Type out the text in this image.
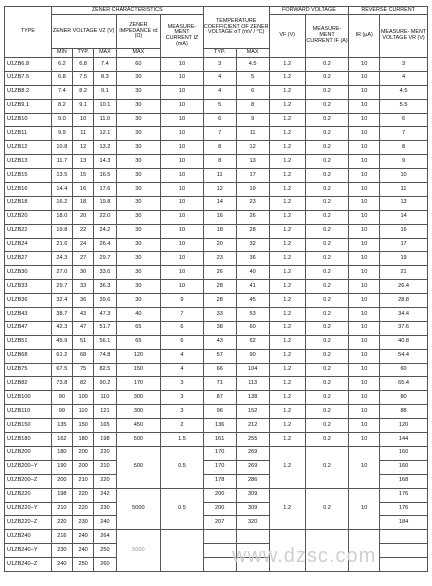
TYPE	ZENER CHARACTERISTICS					TEMPERATURE COEFFICIENT OF ZENER VOLTAGE σT (mV / °C)		FORWARD VOLTAGE		REVERSE CURRENT	
	ZENER VOLTAGE VZ (V)			ZENER IMPEDANCE rd (Ω)	MEASURE- MENT CURRENT IZ (mA)			VF (V)	MEASURE- MENT CURRENT IF (A)	IR (µA)	MEASURE- MENT VOLTAGE VR (V)
	MIN	TYP.	MAX	MAX		TYP.	MAX				
U1ZB6.8	6.2	6.8	7.4	60	10	3	4.5	1.2	0.2	10	3
U1ZB7.5	6.8	7.5	8.3	30	10	4	5	1.2	0.2	10	4
U1ZB8.2	7.4	8.2	9.1	30	10	4	6	1.2	0.2	10	4.5
U1ZB9.1	8.2	9.1	10.1	30	10	5	8	1.2	0.2	10	5.5
U1ZB10	9.0	10	11.0	30	10	6	9	1.2	0.2	10	6
U1ZB11	9.9	11	12.1	30	10	7	11	1.2	0.2	10	7
U1ZB12	10.8	12	13.2	30	10	8	12	1.2	0.2	10	8
U1ZB13	11.7	13	14.3	30	10	8	13	1.2	0.2	10	9
U1ZB15	13.5	15	16.5	30	10	11	17	1.2	0.2	10	10
U1ZB16	14.4	16	17.6	30	10	12	19	1.2	0.2	10	11
U1ZB18	16.2	18	19.8	30	10	14	23	1.2	0.2	10	13
U1ZB20	18.0	20	22.0	30	10	16	26	1.2	0.2	10	14
U1ZB22	19.8	22	24.2	30	10	18	28	1.2	0.2	10	16
U1ZB24	21.6	24	26.4	30	10	20	32	1.2	0.2	10	17
U1ZB27	24.3	27	29.7	30	10	23	36	1.2	0.2	10	19
U1ZB30	27.0	30	33.0	30	10	26	40	1.2	0.2	10	21
U1ZB33	29.7	33	36.3	30	10	28	41	1.2	0.2	10	26.4
U1ZB36	32.4	36	39.6	30	9	28	45	1.2	0.2	10	28.8
U1ZB43	38.7	43	47.3	40	7	33	53	1.2	0.2	10	34.4
U1ZB47	42.3	47	51.7	65	6	38	60	1.2	0.2	10	37.6
U1ZB51	45.9	51	56.1	65	6	43	62	1.2	0.2	10	40.8
U1ZB68	61.2	68	74.8	120	4	57	90	1.2	0.2	10	54.4
U1ZB75	67.5	75	82.5	150	4	66	104	1.2	0.2	10	60
U1ZB82	73.8	82	90.2	170	3	71	113	1.2	0.2	10	65.4
U1ZB100	90	100	110	300	3	87	138	1.2	0.2	10	80
U1ZB110	99	110	121	300	3	96	152	1.2	0.2	10	88
U1ZB150	135	150	165	450	2	136	212	1.2	0.2	10	120
U1ZB180	162	180	198	500	1.5	161	255	1.2	0.2	10	144
U1ZB200	180	200	220	500	0.5	170	269	1.2	0.2	10	160
U1ZB200−Y	190	200	210			170	269				160
U1ZB200−Z	200	210	220			178	286				168
U1ZB220	198	220	242	5000	0.5	200	309	1.2	0.2	10	176
U1ZB220−Y	210	220	230			200	309				176
U1ZB220−Z	220	230	240			207	320				184
U1ZB240	216	240	264	5000							
U1ZB240−Y	230	240	250								
U1ZB240−Z	240	250	260									www.dzsc.com
